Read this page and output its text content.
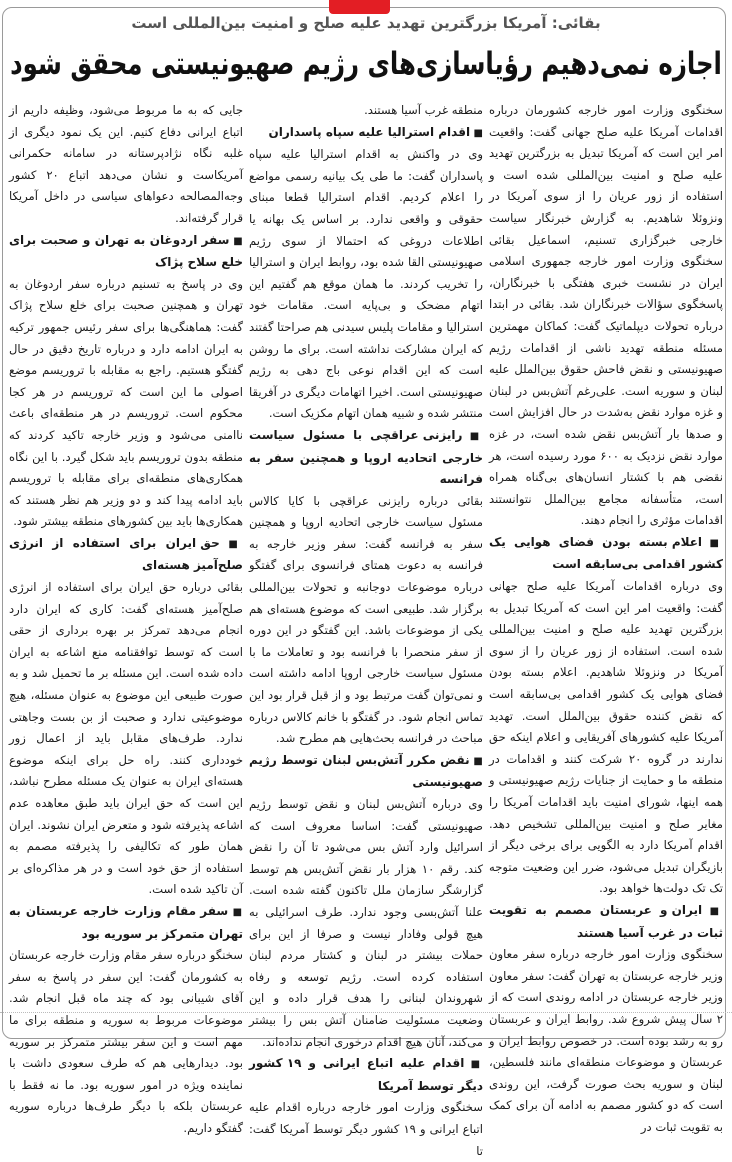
بقائی: آمریکا بزرگترین تهدید علیه صلح و امنیت بین‌المللی است
اجازه نمی‌دهیم رؤیاسازی‌های رژیم صهیونیستی محقق شود

سخنگوی وزارت امور خارجه کشورمان درباره اقدامات آمریکا علیه صلح جهانی گفت: واقعیت امر این است که آمریکا تبدیل به بزرگترین تهدید علیه صلح و امنیت بین‌المللی شده است و استفاده از زور عریان را از سوی آمریکا در ونزوئلا شاهدیم. به گزارش خبرنگار سیاست خارجی خبرگزاری تسنیم، اسماعیل بقائی سخنگوی وزارت امور خارجه جمهوری اسلامی ایران در نشست خبری هفتگی با خبرنگاران، پاسخگوی سؤالات خبرنگاران شد. بقائی در ابتدا درباره تحولات دیپلماتیک گفت: کماکان مهمترین مسئله منطقه تهدید ناشی از اقدامات رژیم صهیونیستی و نقض فاحش حقوق بین‌الملل علیه لبنان و سوریه است. علی‌رغم آتش‌بس در لبنان و غزه موارد نقض به‌شدت در حال افزایش است و صدها بار آتش‌بس نقض شده است، در غزه موارد نقض نزدیک به ۶۰۰ مورد رسیده است، هر نقضی هم با کشتار انسان‌های بی‌گناه همراه است، متأسفانه مجامع بین‌الملل نتوانستند اقدامات مؤثری را انجام دهند.

■ اعلام بسته بودن فضای هوایی یک کشور اقدامی بی‌سابقه است

وی درباره اقدامات آمریکا علیه صلح جهانی گفت: واقعیت امر این است که آمریکا تبدیل به بزرگترین تهدید علیه صلح و امنیت بین‌المللی شده است. استفاده از زور عریان را از سوی آمریکا در ونزوئلا شاهدیم. اعلام بسته بودن فضای هوایی یک کشور اقدامی بی‌سابقه است که نقض کننده حقوق بین‌الملل است. تهدید آمریکا علیه کشورهای آفریقایی و اعلام اینکه حق ندارند در گروه ۲۰ شرکت کنند و اقدامات در منطقه ما و حمایت از جنایات رژیم صهیونیستی و همه اینها، شورای امنیت باید اقدامات آمریکا را مغایر صلح و امنیت بین‌المللی تشخیص دهد. اقدام آمریکا دارد به الگویی برای برخی دیگر از بازیگران تبدیل می‌شود، ضرر این وضعیت متوجه تک تک دولت‌ها خواهد بود.

■ ایران و عربستان مصمم به تقویت ثبات در غرب آسیا هستند

سخنگوی وزارت امور خارجه درباره سفر معاون وزیر خارجه عربستان به تهران گفت: سفر معاون وزیر خارجه عربستان در ادامه روندی است که از ۲ سال پیش شروع شد. روابط ایران و عربستان رو به رشد بوده است. در خصوص روابط ایران و عربستان و موضوعات منطقه‌ای مانند فلسطین، لبنان و سوریه بحث صورت گرفت، این روندی است که دو کشور مصمم به ادامه آن برای کمک به تقویت ثبات در

منطقه غرب آسیا هستند.

■ اقدام استرالیا علیه سپاه پاسداران

وی در واکنش به اقدام استرالیا علیه سپاه پاسداران گفت: ما طی یک بیانیه رسمی مواضع را اعلام کردیم. اقدام استرالیا قطعا مبنای حقوقی و واقعی ندارد. بر اساس یک بهانه یا اطلاعات دروغی که احتمالا از سوی رژیم صهیونیستی القا شده بود، روابط ایران و استرالیا را تخریب کردند. ما همان موقع هم گفتیم این اتهام مضحک و بی‌پایه است. مقامات خود استرالیا و مقامات پلیس سیدنی هم صراحتا گفتند که ایران مشارکت نداشته است. برای ما روشن است که این اقدام نوعی باج دهی به رژیم صهیونیستی است. اخیرا اتهامات دیگری در آفریقا منتشر شده و شبیه همان اتهام مکزیک است.

■ رایزنی عراقچی با مسئول سیاست خارجی اتحادیه اروپا و همچنین سفر به فرانسه

بقائی درباره رایزنی عراقچی با کایا کالاس مسئول سیاست خارجی اتحادیه اروپا و همچنین سفر به فرانسه گفت: سفر وزیر خارجه به فرانسه به دعوت همتای فرانسوی برای گفتگو درباره موضوعات دوجانبه و تحولات بین‌المللی برگزار شد. طبیعی است که موضوع هسته‌ای هم یکی از موضوعات باشد. این گفتگو در این دوره از سفر منحصرا با فرانسه بود و تعاملات ما با مسئول سیاست خارجی اروپا ادامه داشته است و نمی‌توان گفت مرتبط بود و از قبل قرار بود این تماس انجام شود. در گفتگو با خانم کالاس درباره مباحث در فرانسه بحث‌هایی هم مطرح شد.

■ نقض مکرر آتش‌بس لبنان توسط رژیم صهیونیستی

وی درباره آتش‌بس لبنان و نقض توسط رژیم صهیونیستی گفت: اساسا معروف است که اسرائیل وارد آتش بس می‌شود تا آن را نقض کند. رقم ۱۰ هزار بار نقض آتش‌بس هم توسط گزارشگر سازمان ملل تاکنون گفته شده است. علنا آتش‌بسی وجود ندارد. طرف اسرائیلی به هیچ قولی وفادار نیست و صرفا از این برای حملات بیشتر در لبنان و کشتار مردم لبنان استفاده کرده است. رژیم توسعه و رفاه شهروندان لبنانی را هدف قرار داده و این وضعیت مسئولیت ضامنان آتش بس را بیشتر می‌کند، آنان هیچ اقدام درخوری انجام نداده‌اند.

■ اقدام علیه اتباع ایرانی و ۱۹ کشور دیگر توسط آمریکا

سخنگوی وزارت امور خارجه درباره اقدام علیه اتباع ایرانی و ۱۹ کشور دیگر توسط آمریکا گفت: تا

جایی که به ما مربوط می‌شود، وظیفه داریم از اتباع ایرانی دفاع کنیم. این یک نمود دیگری از غلبه نگاه نژادپرستانه در سامانه حکمرانی آمریکاست و نشان می‌دهد اتباع ۲۰ کشور وجه‌المصالحه دعواهای سیاسی در داخل آمریکا قرار گرفته‌اند.

■ سفر اردوغان به تهران و صحبت برای خلع سلاح پژاک

وی در پاسخ به تسنیم درباره سفر اردوغان به تهران و همچنین صحبت برای خلع سلاح پژاک گفت: هماهنگی‌ها برای سفر رئیس جمهور ترکیه به ایران ادامه دارد و درباره تاریخ دقیق در حال گفتگو هستیم. راجع به مقابله با تروریسم موضع اصولی ما این است که تروریسم در هر کجا محکوم است. تروریسم در هر منطقه‌ای باعث ناامنی می‌شود و وزیر خارجه تاکید کردند که منطقه بدون تروریسم باید شکل گیرد. با این نگاه همکاری‌های منطقه‌ای برای مقابله با تروریسم باید ادامه پیدا کند و دو وزیر هم نظر هستند که همکاری‌ها باید بین کشورهای منطقه بیشتر شود.

■ حق ایران برای استفاده از انرژی صلح‌آمیز هسته‌ای

بقائی درباره حق ایران برای استفاده از انرژی صلح‌آمیز هسته‌ای گفت: کاری که ایران دارد انجام می‌دهد تمرکز بر بهره برداری از حقی است که توسط توافقنامه منع اشاعه به ایران داده شده است. این مسئله بر ما تحمیل شد و به صورت طبیعی این موضوع به عنوان مسئله، هیچ موضوعیتی ندارد و صحبت از بن بست وجاهتی ندارد. طرف‌های مقابل باید از اعمال زور خودداری کنند. راه حل برای اینکه موضوع هسته‌ای ایران به عنوان یک مسئله مطرح نباشد، این است که حق ایران باید طبق معاهده عدم اشاعه پذیرفته شود و متعرض ایران نشوند. ایران همان طور که تکالیفی را پذیرفته مصمم به استفاده از حق خود است و در هر مذاکره‌ای بر آن تاکید شده است.

■ سفر مقام وزارت خارجه عربستان به تهران متمرکز بر سوریه بود

سخنگو درباره سفر مقام وزارت خارجه عربستان به کشورمان گفت: این سفر در پاسخ به سفر آقای شیبانی بود که چند ماه قبل انجام شد. موضوعات مربوط به سوریه و منطقه برای ما مهم است و این سفر بیشتر متمرکز بر سوریه بود. دیدارهایی هم که طرف سعودی داشت با نماینده ویژه در امور سوریه بود. ما نه فقط با عربستان بلکه با دیگر طرف‌ها درباره سوریه گفتگو داریم.
